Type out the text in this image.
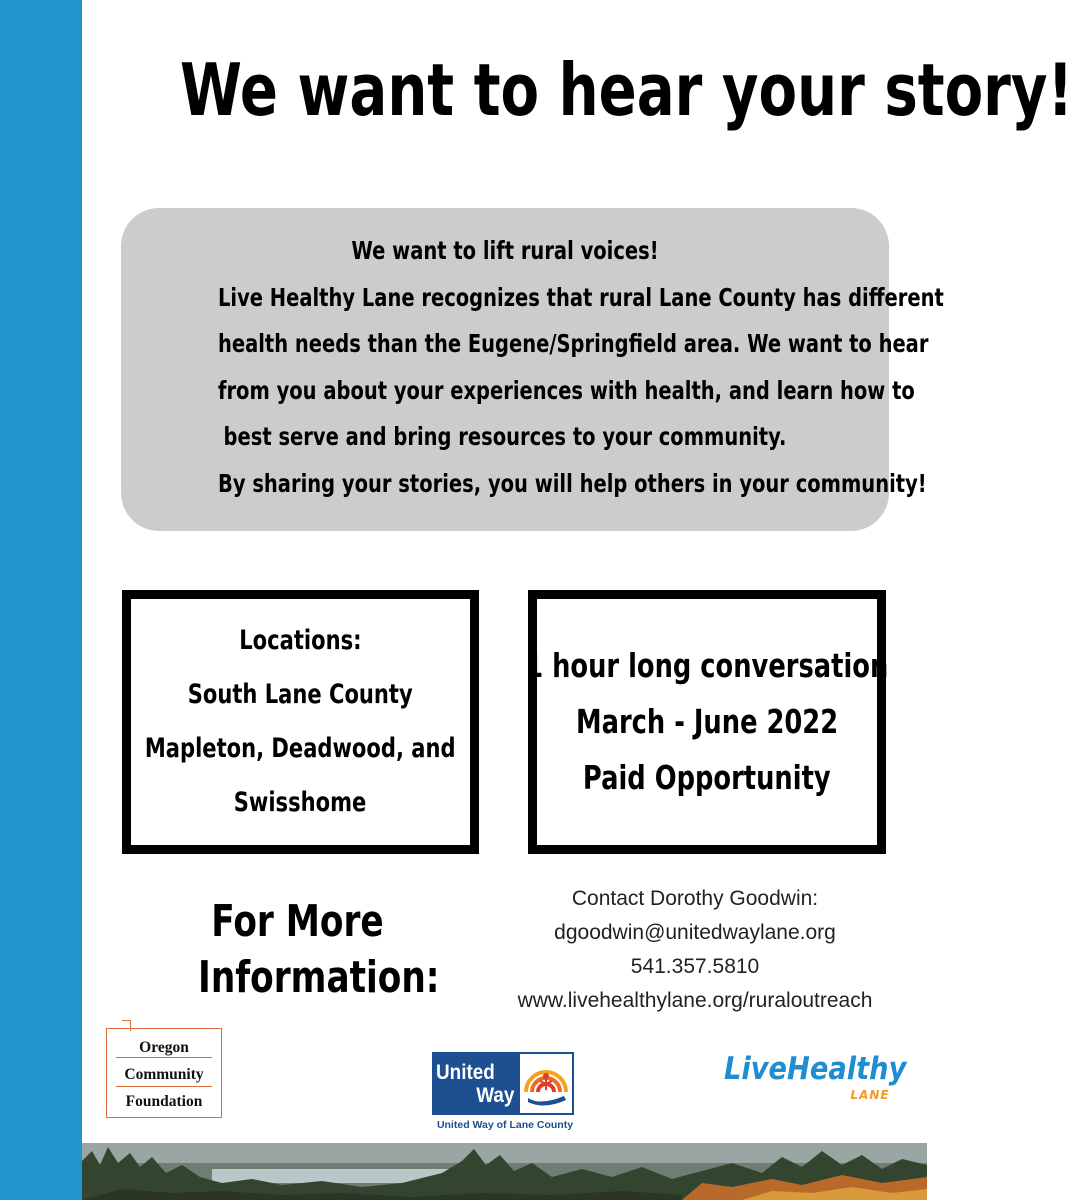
We want to hear your story!
We want to lift rural voices!
Live Healthy Lane recognizes that rural Lane County has different
health needs than the Eugene/Springfield area. We want to hear
from you about your experiences with health, and learn how to
best serve and bring resources to your community.
By sharing your stories, you will help others in your community!
Locations:
South Lane County
Mapleton, Deadwood, and
Swisshome
1 hour long conversation
March - June 2022
Paid Opportunity
For More
Information:
Contact Dorothy Goodwin:
dgoodwin@unitedwaylane.org
541.357.5810
www.livehealthylane.org/ruraloutreach
Oregon
Community
Foundation
United
Way
United Way of Lane County
LiveHealthy
LANE
